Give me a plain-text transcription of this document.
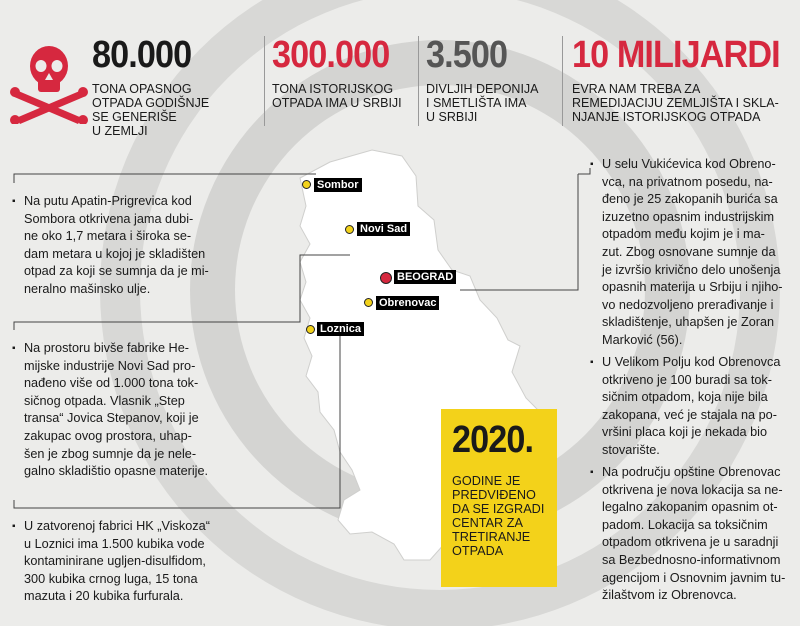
80.000
TONA OPASNOG
OTPADA GODIŠNJE
SE GENERIŠE
U ZEMLJI
300.000
TONA ISTORIJSKOG
OTPADA IMA U SRBIJI
3.500
DIVLJIH DEPONIJA
I SMETLIŠTA IMA
U SRBIJI
10 MILIJARDI
EVRA NAM TREBA ZA
REMEDIJACIJU ZEMLJIŠTA I SKLA-
NJANJE ISTORIJSKOG OTPADA
Sombor
Novi Sad
BEOGRAD
Obrenovac
Loznica

▪ Na putu Apatin-Prigrevica kod

Sombora otkrivena jama dubi-

ne oko 1,7 metara i široka se-

dam metara u kojoj je skladišten

otpad za koji se sumnja da je mi-

neralno mašinsko ulje.

▪ Na prostoru bivše fabrike He-

mijske industrije Novi Sad pro-

nađeno više od 1.000 tona tok-

sičnog otpada. Vlasnik „Step

transa“ Jovica Stepanov, koji je

zakupac ovog prostora, uhap-

šen je zbog sumnje da je nele-

galno skladištio opasne materije.

▪ U zatvorenoj fabrici HK „Viskoza“

u Loznici ima 1.500 kubika vode

kontaminirane ugljen-disulfidom,

300 kubika crnog luga, 15 tona

mazuta i 20 kubika furfurala.

▪ U selu Vukićevica kod Obreno-

vca, na privatnom posedu, na-

đeno je 25 zakopanih burića sa

izuzetno opasnim industrijskim

otpadom među kojim je i ma-

zut. Zbog osnovane sumnje da

je izvršio krivično delo unošenja

opasnih materija u Srbiju i njiho-

vo nedozvoljeno prerađivanje i

skladištenje, uhapšen je Zoran

Marković (56).

▪ U Velikom Polju kod Obrenovca

otkriveno je 100 buradi sa tok-

sičnim otpadom, koja nije bila

zakopana, već je stajala na po-

vršini placa koji je nekada bio

stovarište.

▪ Na području opštine Obrenovac

otkrivena je nova lokacija sa ne-

legalno zakopanim opasnim ot-

padom. Lokacija sa toksičnim

otpadom otkrivena je u saradnji

sa Bezbednosno-informativnom

agencijom i Osnovnim javnim tu-

žilaštvom iz Obrenovca.

2020.
GODINE JE
PREDVIĐENO
DA SE IZGRADI
CENTAR ZA
TRETIRANJE
OTPADA
